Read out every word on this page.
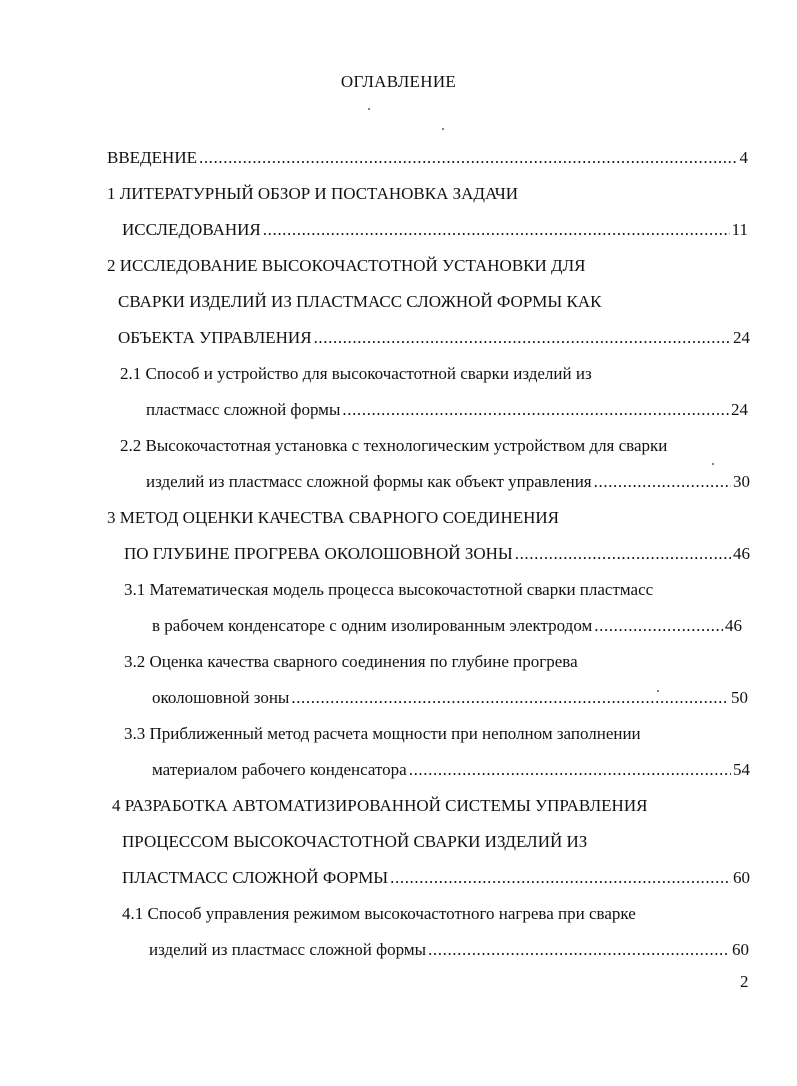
ОГЛАВЛЕНИЕ
ВВЕДЕНИЕ .....	4
1 ЛИТЕРАТУРНЫЙ ОБЗОР И ПОСТАНОВКА ЗАДАЧИ
ИССЛЕДОВАНИЯ .....	11
2 ИССЛЕДОВАНИЕ ВЫСОКОЧАСТОТНОЙ УСТАНОВКИ ДЛЯ
СВАРКИ ИЗДЕЛИЙ ИЗ ПЛАСТМАСС СЛОЖНОЙ ФОРМЫ КАК
ОБЪЕКТА УПРАВЛЕНИЯ .....	24
2.1 Способ и устройство для высокочастотной сварки изделий из
пластмасс сложной формы .....	24
2.2 Высокочастотная установка с технологическим устройством для сварки
изделий из пластмасс сложной формы как объект управления .....	30
3 МЕТОД ОЦЕНКИ КАЧЕСТВА СВАРНОГО СОЕДИНЕНИЯ
ПО ГЛУБИНЕ ПРОГРЕВА ОКОЛОШОВНОЙ ЗОНЫ .....	46
3.1 Математическая модель процесса высокочастотной сварки пластмасс
в рабочем конденсаторе с одним изолированным электродом .....	46
3.2 Оценка качества сварного соединения по глубине прогрева
околошовной зоны .....	50
3.3 Приближенный метод расчета мощности при неполном заполнении
материалом рабочего конденсатора .....	54
4 РАЗРАБОТКА АВТОМАТИЗИРОВАННОЙ СИСТЕМЫ УПРАВЛЕНИЯ
ПРОЦЕССОМ ВЫСОКОЧАСТОТНОЙ СВАРКИ ИЗДЕЛИЙ ИЗ
ПЛАСТМАСС СЛОЖНОЙ ФОРМЫ .....	60
4.1 Способ управления режимом высокочастотного нагрева при сварке
изделий из пластмасс сложной формы .....	60
2
